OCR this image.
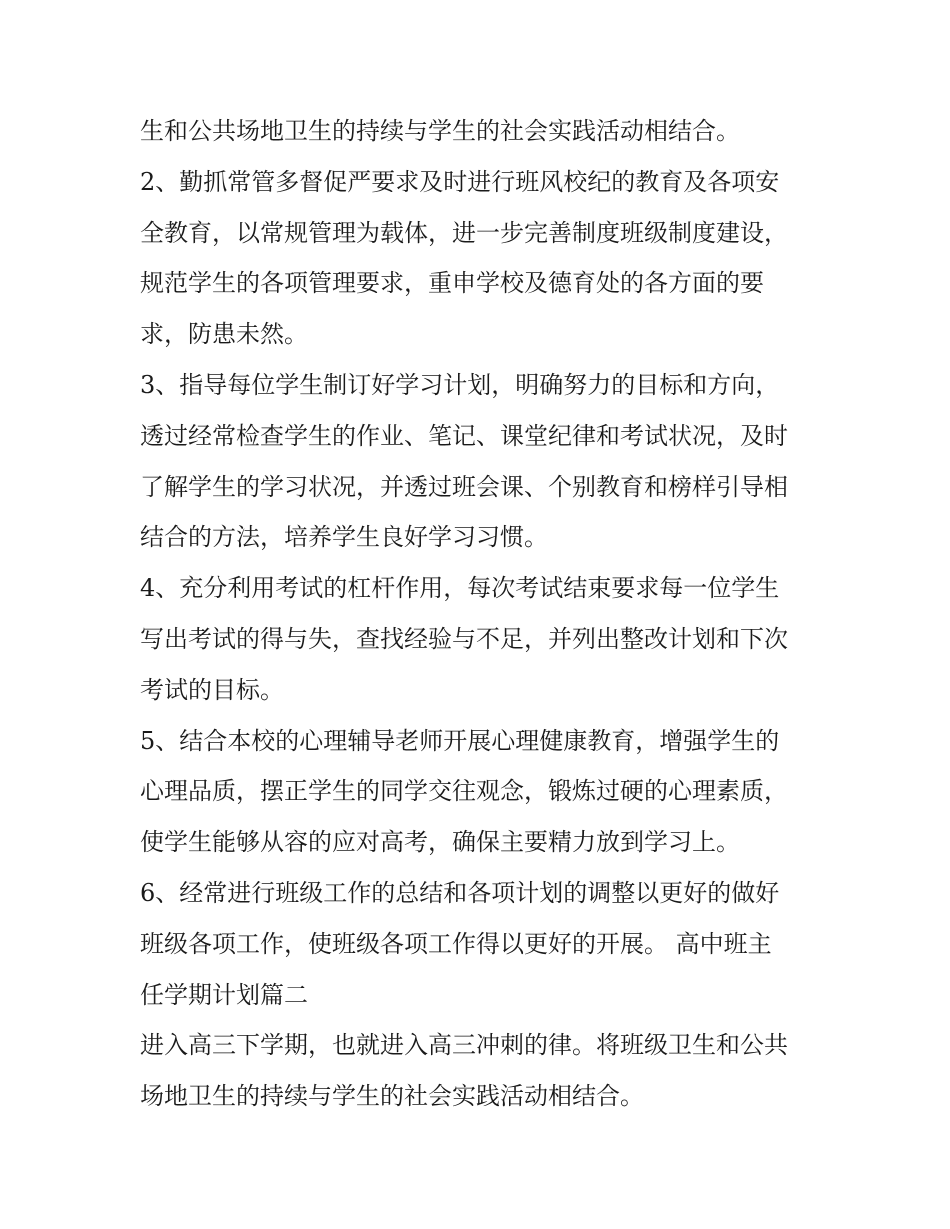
生和公共场地卫生的持续与学生的社会实践活动相结合。
2、勤抓常管多督促严要求及时进行班风校纪的教育及各项安
全教育，以常规管理为载体，进一步完善制度班级制度建设，
规范学生的各项管理要求，重申学校及德育处的各方面的要
求，防患未然。
3、指导每位学生制订好学习计划，明确努力的目标和方向，
透过经常检查学生的作业、笔记、课堂纪律和考试状况，及时
了解学生的学习状况，并透过班会课、个别教育和榜样引导相
结合的方法，培养学生良好学习习惯。
4、充分利用考试的杠杆作用，每次考试结束要求每一位学生
写出考试的得与失，查找经验与不足，并列出整改计划和下次
考试的目标。
5、结合本校的心理辅导老师开展心理健康教育，增强学生的
心理品质，摆正学生的同学交往观念，锻炼过硬的心理素质，
使学生能够从容的应对高考，确保主要精力放到学习上。
6、经常进行班级工作的总结和各项计划的调整以更好的做好
班级各项工作，使班级各项工作得以更好的开展。 高中班主
任学期计划篇二
进入高三下学期，也就进入高三冲刺的律。将班级卫生和公共
场地卫生的持续与学生的社会实践活动相结合。
